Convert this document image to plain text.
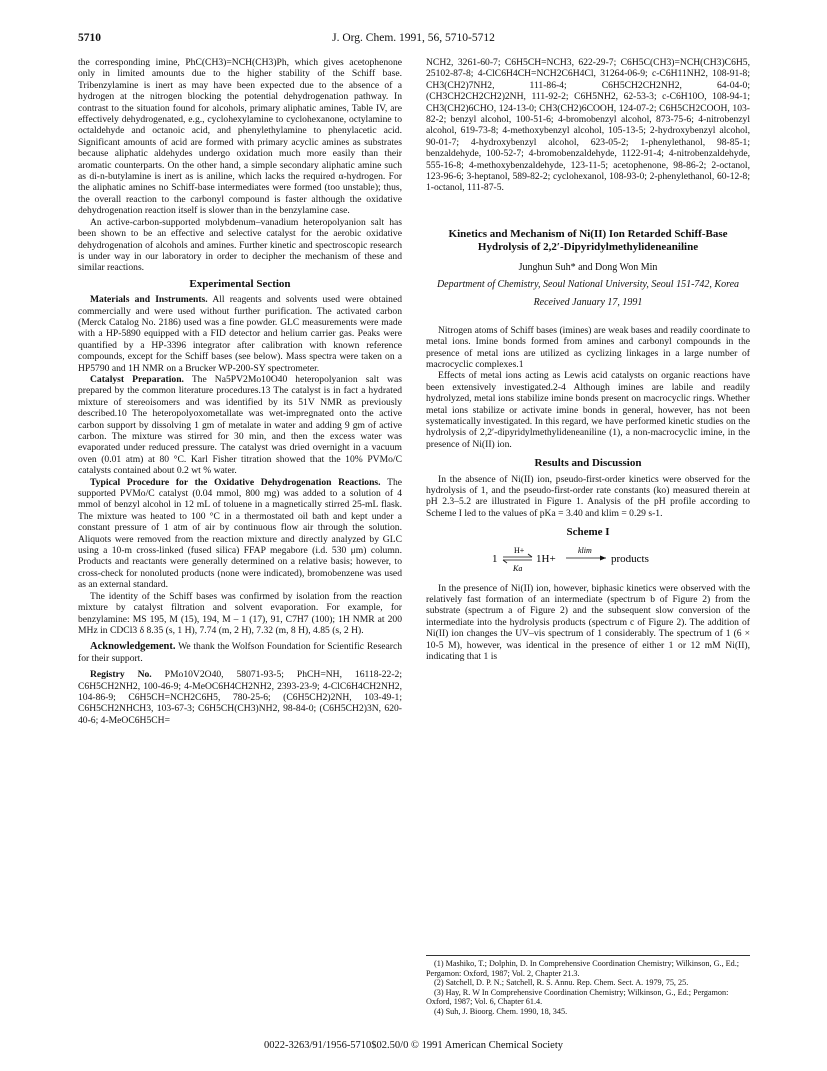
5710	J. Org. Chem. 1991, 56, 5710-5712

the corresponding imine, PhC(CH3)=NCH(CH3)Ph, which gives acetophenone only in limited amounts due to the higher stability of the Schiff base. Tribenzylamine is inert as may have been expected due to the absence of a hydrogen at the nitrogen blocking the potential dehydrogenation pathway. In contrast to the situation found for alcohols, primary aliphatic amines, Table IV, are effectively dehydrogenated, e.g., cyclohexylamine to cyclohexanone, octylamine to octaldehyde and octanoic acid, and phenylethylamine to phenylacetic acid. Significant amounts of acid are formed with primary acyclic amines as substrates because aliphatic aldehydes undergo oxidation much more easily than their aromatic counterparts. On the other hand, a simple secondary aliphatic amine such as di-n-butylamine is inert as is aniline, which lacks the required α-hydrogen. For the aliphatic amines no Schiff-base intermediates were formed (too unstable); thus, the overall reaction to the carbonyl compound is faster although the oxidative dehydrogenation reaction itself is slower than in the benzylamine case.

An active-carbon-supported molybdenum–vanadium heteropolyanion salt has been shown to be an effective and selective catalyst for the aerobic oxidative dehydrogenation of alcohols and amines. Further kinetic and spectroscopic research is under way in our laboratory in order to decipher the mechanism of these and similar reactions.

Experimental Section

Materials and Instruments. All reagents and solvents used were obtained commercially and were used without further purification. The activated carbon (Merck Catalog No. 2186) used was a fine powder. GLC measurements were made with a HP-5890 equipped with a FID detector and helium carrier gas. Peaks were quantified by a HP-3396 integrator after calibration with known reference compounds, except for the Schiff bases (see below). Mass spectra were taken on a HP5790 and 1H NMR on a Brucker WP-200-SY spectrometer.

Catalyst Preparation. The Na5PV2Mo10O40 heteropolyanion salt was prepared by the common literature procedures.13 The catalyst is in fact a hydrated mixture of stereoisomers and was identified by its 51V NMR as previously described.10 The heteropolyoxometallate was wet-impregnated onto the active carbon support by dissolving 1 gm of metalate in water and adding 9 gm of active carbon. The mixture was stirred for 30 min, and then the excess water was evaporated under reduced pressure. The catalyst was dried overnight in a vacuum oven (0.01 atm) at 80 °C. Karl Fisher titration showed that the 10% PVMo/C catalysts contained about 0.2 wt % water.

Typical Procedure for the Oxidative Dehydrogenation Reactions. The supported PVMo/C catalyst (0.04 mmol, 800 mg) was added to a solution of 4 mmol of benzyl alcohol in 12 mL of toluene in a magnetically stirred 25-mL flask. The mixture was heated to 100 °C in a thermostated oil bath and kept under a constant pressure of 1 atm of air by continuous flow air through the solution. Aliquots were removed from the reaction mixture and directly analyzed by GLC using a 10-m cross-linked (fused silica) FFAP megabore (i.d. 530 μm) column. Products and reactants were generally determined on a relative basis; however, to cross-check for nonoluted products (none were indicated), bromobenzene was used as an external standard.

The identity of the Schiff bases was confirmed by isolation from the reaction mixture by catalyst filtration and solvent evaporation. For example, for benzylamine: MS 195, M (15), 194, M – 1 (17), 91, C7H7 (100); 1H NMR at 200 MHz in CDCl3 δ 8.35 (s, 1 H), 7.74 (m, 2 H), 7.32 (m, 8 H), 4.85 (s, 2 H).

Acknowledgement. We thank the Wolfson Foundation for Scientific Research for their support.

Registry No. PMo10V2O40, 58071-93-5; PhCH=NH, 16118-22-2; C6H5CH2NH2, 100-46-9; 4-MeOC6H4CH2NH2, 2393-23-9; 4-ClC6H4CH2NH2, 104-86-9; C6H5CH=NCH2C6H5, 780-25-6; (C6H5CH2)2NH, 103-49-1; C6H5CH2NHCH3, 103-67-3; C6H5CH(CH3)NH2, 98-84-0; (C6H5CH2)3N, 620-40-6; 4-MeOC6H5CH=

NCH2, 3261-60-7; C6H5CH=NCH3, 622-29-7; C6H5C(CH3)=NCH(CH3)C6H5, 25102-87-8; 4-ClC6H4CH=NCH2C6H4Cl, 31264-06-9; c-C6H11NH2, 108-91-8; CH3(CH2)7NH2, 111-86-4; C6H5CH2CH2NH2, 64-04-0; (CH3CH2CH2CH2)2NH, 111-92-2; C6H5NH2, 62-53-3; c-C6H10O, 108-94-1; CH3(CH2)6CHO, 124-13-0; CH3(CH2)6COOH, 124-07-2; C6H5CH2COOH, 103-82-2; benzyl alcohol, 100-51-6; 4-bromobenzyl alcohol, 873-75-6; 4-nitrobenzyl alcohol, 619-73-8; 4-methoxybenzyl alcohol, 105-13-5; 2-hydroxybenzyl alcohol, 90-01-7; 4-hydroxybenzyl alcohol, 623-05-2; 1-phenylethanol, 98-85-1; benzaldehyde, 100-52-7; 4-bromobenzaldehyde, 1122-91-4; 4-nitrobenzaldehyde, 555-16-8; 4-methoxybenzaldehyde, 123-11-5; acetophenone, 98-86-2; 2-octanol, 123-96-6; 3-heptanol, 589-82-2; cyclohexanol, 108-93-0; 2-phenylethanol, 60-12-8; 1-octanol, 111-87-5.

Kinetics and Mechanism of Ni(II) Ion Retarded Schiff-Base Hydrolysis of 2,2′-Dipyridylmethylideneaniline
Junghun Suh* and Dong Won Min
Department of Chemistry, Seoul National University, Seoul 151-742, Korea
Received January 17, 1991

Nitrogen atoms of Schiff bases (imines) are weak bases and readily coordinate to metal ions. Imine bonds formed from amines and carbonyl compounds in the presence of metal ions are utilized as cyclizing linkages in a large number of macrocyclic complexes.1

Effects of metal ions acting as Lewis acid catalysts on organic reactions have been extensively investigated.2-4 Although imines are labile and readily hydrolyzed, metal ions stabilize imine bonds present on macrocyclic rings. Whether metal ions stabilize or activate imine bonds in general, however, has not been systematically investigated. In this regard, we have performed kinetic studies on the hydrolysis of 2,2′-dipyridylmethylideneaniline (1), a non-macrocyclic imine, in the presence of Ni(II) ion.

Results and Discussion

In the absence of Ni(II) ion, pseudo-first-order kinetics were observed for the hydrolysis of 1, and the pseudo-first-order rate constants (ko) measured therein at pH 2.3–5.2 are illustrated in Figure 1. Analysis of the pH profile according to Scheme I led to the values of pKa = 3.40 and klim = 0.29 s-1.

Scheme I
1
H+
Ka
1H+
klim
products

In the presence of Ni(II) ion, however, biphasic kinetics were observed with the relatively fast formation of an intermediate (spectrum b of Figure 2) from the substrate (spectrum a of Figure 2) and the subsequent slow conversion of the intermediate into the hydrolysis products (spectrum c of Figure 2). The addition of Ni(II) ion changes the UV–vis spectrum of 1 considerably. The spectrum of 1 (6 × 10-5 M), however, was identical in the presence of either 1 or 12 mM Ni(II), indicating that 1 is

(1) Mashiko, T.; Dolphin, D. In Comprehensive Coordination Chemistry; Wilkinson, G., Ed.; Pergamon: Oxford, 1987; Vol. 2, Chapter 21.3.
(2) Satchell, D. P. N.; Satchell, R. S. Annu. Rep. Chem. Sect. A. 1979, 75, 25.
(3) Hay, R. W In Comprehensive Coordination Chemistry; Wilkinson, G., Ed.; Pergamon: Oxford, 1987; Vol. 6, Chapter 61.4.
(4) Suh, J. Bioorg. Chem. 1990, 18, 345.
0022-3263/91/1956-5710$02.50/0 © 1991 American Chemical Society
